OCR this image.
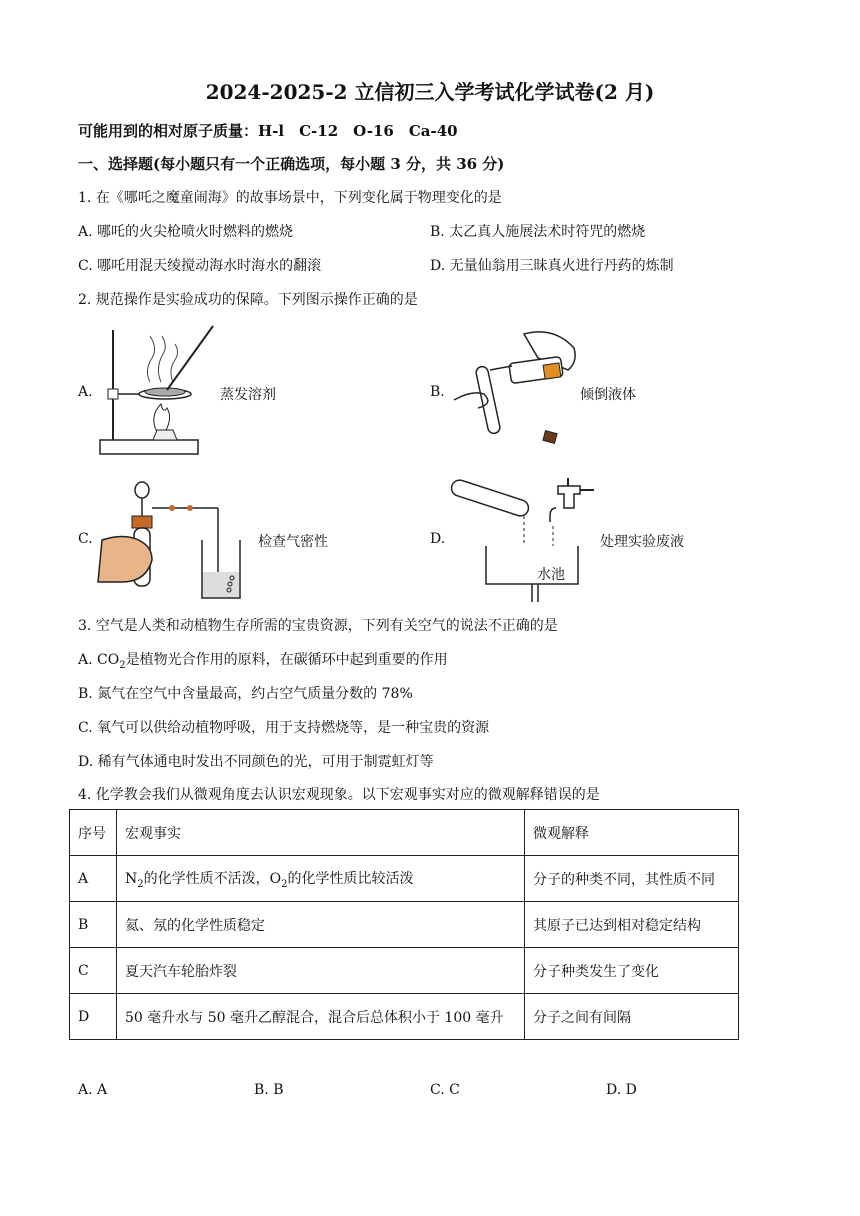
2024-2025-2 立信初三入学考试化学试卷(2 月)
可能用到的相对原子质量：H-l　C-12　O-16　Ca-40
一、选择题(每小题只有一个正确选项，每小题 3 分，共 36 分)
1. 在《哪吒之魔童闹海》的故事场景中，下列变化属于物理变化的是
A. 哪吒的火尖枪喷火时燃料的燃烧	B. 太乙真人施展法术时符咒的燃烧
C. 哪吒用混天绫搅动海水时海水的翻滚	D. 无量仙翁用三昧真火进行丹药的炼制
2. 规范操作是实验成功的保障。下列图示操作正确的是
A.	蒸发溶剂	B.	倾倒液体
C.	检查气密性	D.
水池
处理实验废液
3. 空气是人类和动植物生存所需的宝贵资源，下列有关空气的说法不正确的是
A. $CO_2$是植物光合作用的原料，在碳循环中起到重要的作用
B. 氮气在空气中含量最高，约占空气质量分数的 78%
C. 氧气可以供给动植物呼吸，用于支持燃烧等，是一种宝贵的资源
D. 稀有气体通电时发出不同颜色的光，可用于制霓虹灯等
4. 化学教会我们从微观角度去认识宏观现象。以下宏观事实对应的微观解释错误的是
序号	宏观事实	微观解释
A	$N_2$的化学性质不活泼，$O_2$的化学性质比较活泼	分子的种类不同，其性质不同
B	氦、氖的化学性质稳定	其原子已达到相对稳定结构
C	夏天汽车轮胎炸裂	分子种类发生了变化
D	50 毫升水与 50 毫升乙醇混合，混合后总体积小于 100 毫升	分子之间有间隔
A. A	B. B	C. C	D. D
